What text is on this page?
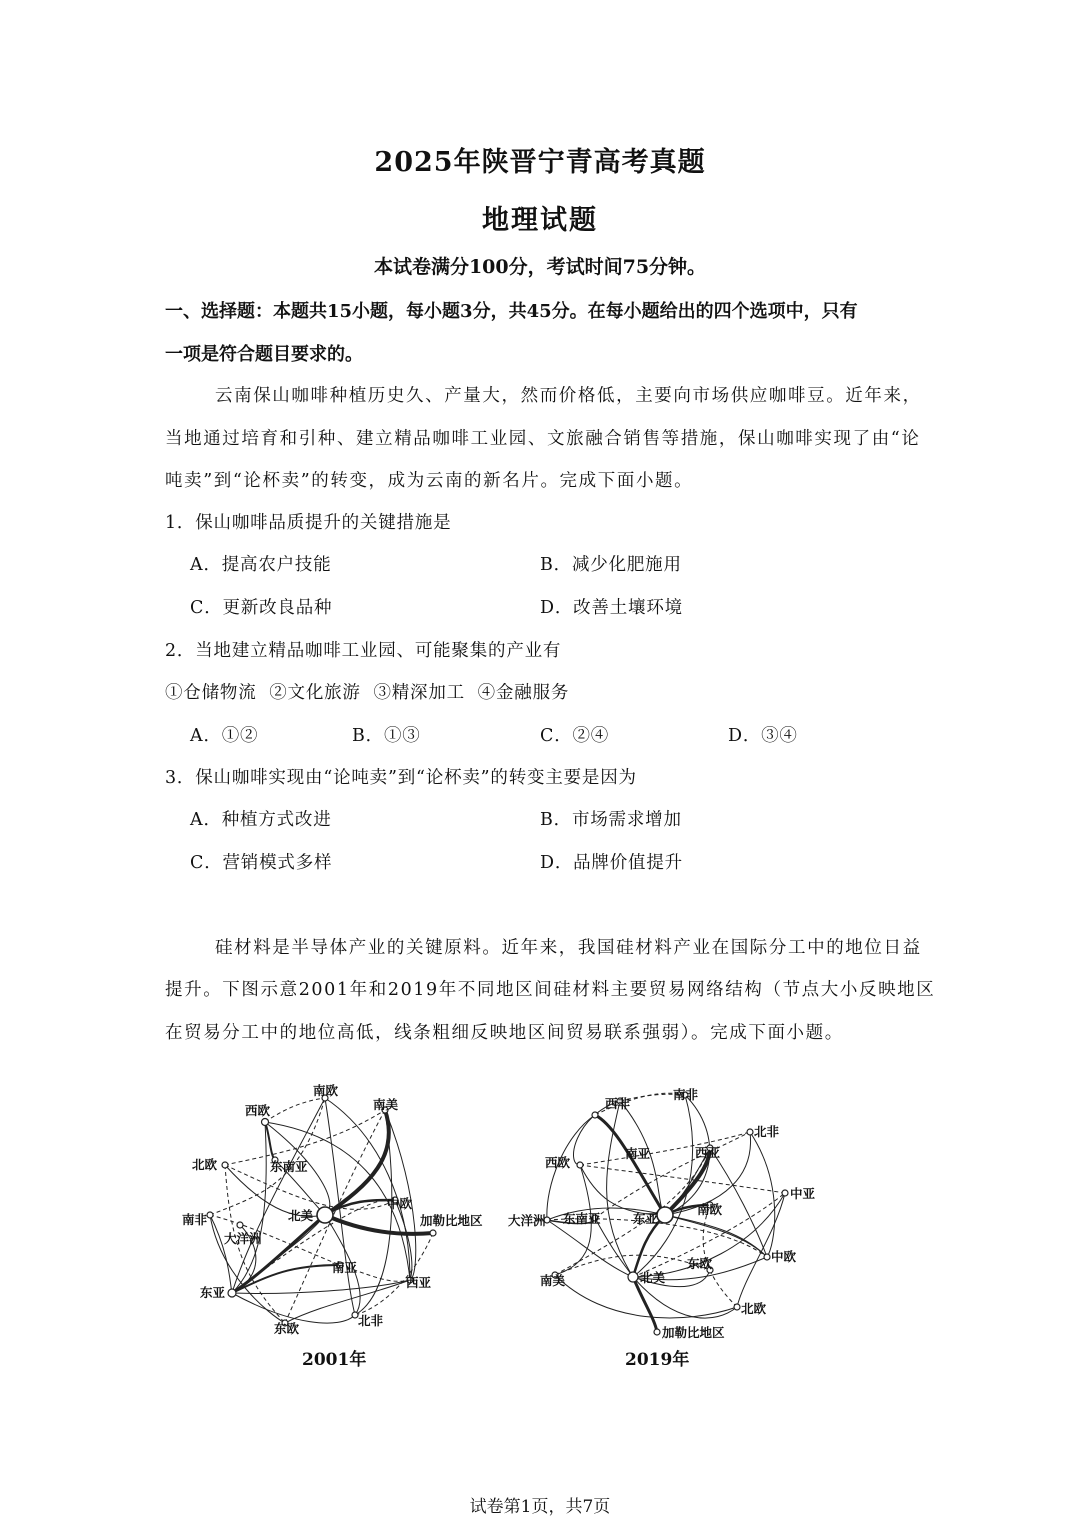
2025年陕晋宁青高考真题
地理试题
本试卷满分100分，考试时间75分钟。
一、选择题：本题共15小题，每小题3分，共45分。在每小题给出的四个选项中，只有
一项是符合题目要求的。
云南保山咖啡种植历史久、产量大，然而价格低，主要向市场供应咖啡豆。近年来，
当地通过培育和引种、建立精品咖啡工业园、文旅融合销售等措施，保山咖啡实现了由“论
吨卖”到“论杯卖”的转变，成为云南的新名片。完成下面小题。
1．保山咖啡品质提升的关键措施是
A．提高农户技能	B．减少化肥施用
C．更新改良品种	D．改善土壤环境
2．当地建立精品咖啡工业园、可能聚集的产业有
①仓储物流  ②文化旅游  ③精深加工  ④金融服务
A．①②	B．①③	C．②④	D．③④
3．保山咖啡实现由“论吨卖”到“论杯卖”的转变主要是因为
A．种植方式改进	B．市场需求增加
C．营销模式多样	D．品牌价值提升
硅材料是半导体产业的关键原料。近年来，我国硅材料产业在国际分工中的地位日益
提升。下图示意2001年和2019年不同地区间硅材料主要贸易网络结构（节点大小反映地区
在贸易分工中的地位高低，线条粗细反映地区间贸易联系强弱）。完成下面小题。
南欧
南美
西欧
北欧	东南亚
中欧
南非	北美	加勒比地区
大洋洲
南亚
西亚
东亚
东欧
北非
2001年
西非
南非
北非
西欧
南亚	西亚
中亚
大洋洲 东南亚	东亚
南欧
中欧
南美	北美
东欧
北欧
加勒比地区
2019年
试卷第1页，共7页
